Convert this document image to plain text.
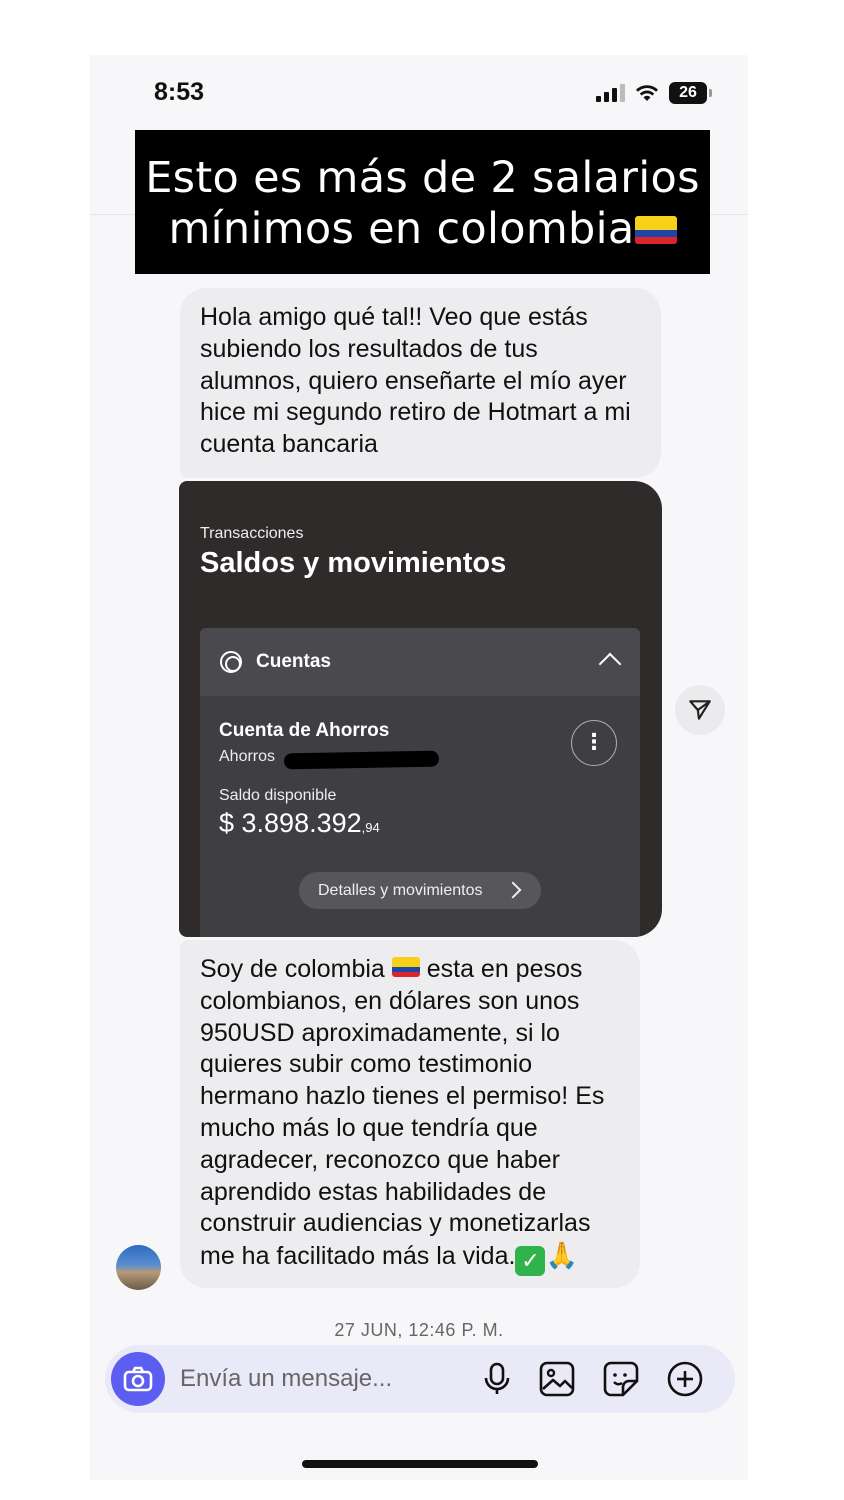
8:53	26
Esto es más de 2 salarios
mínimos en colombia
Hola amigo qué tal!! Veo que estás subiendo los resultados de tus alumnos, quiero enseñarte el mío ayer hice mi segundo retiro de Hotmart a mi cuenta bancaria
Transacciones
Saldos y movimientos
Cuentas
Cuenta de Ahorros
Ahorros
⋮
Saldo disponible
$ 3.898.392,94
Detalles y movimientos
Soy de colombia
esta en pesos colombianos, en dólares son unos 950USD aproximadamente, si lo quieres subir como testimonio hermano hazlo tienes el permiso! Es mucho más lo que tendría que agradecer, reconozco que haber aprendido estas habilidades de construir audiencias y monetizarlas me ha facilitado más la vida. ✓ 🙏
27 JUN, 12:46 P. M.
Envía un mensaje...
